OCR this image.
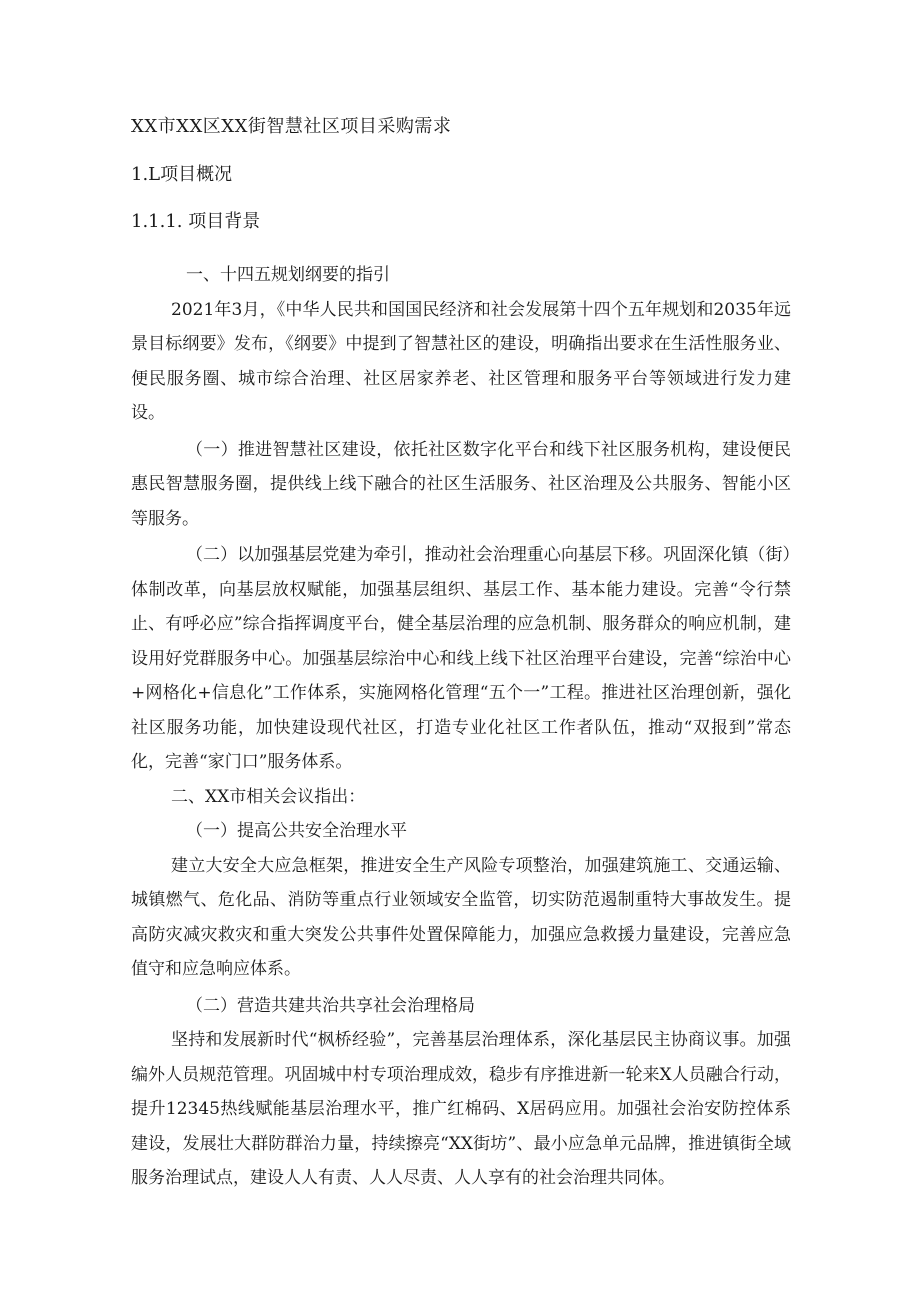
XX市XX区XX街智慧社区项目采购需求
1.L项目概况
1.1.1. 项目背景

一、十四五规划纲要的指引

2021年3月，《中华人民共和国国民经济和社会发展第十四个五年规划和2035年远景目标纲要》发布，《纲要》中提到了智慧社区的建设，明确指出要求在生活性服务业、便民服务圈、城市综合治理、社区居家养老、社区管理和服务平台等领域进行发力建设。

（一）推进智慧社区建设，依托社区数字化平台和线下社区服务机构，建设便民惠民智慧服务圈，提供线上线下融合的社区生活服务、社区治理及公共服务、智能小区等服务。

（二）以加强基层党建为牵引，推动社会治理重心向基层下移。巩固深化镇（街）体制改革，向基层放权赋能，加强基层组织、基层工作、基本能力建设。完善“令行禁止、有呼必应”综合指挥调度平台，健全基层治理的应急机制、服务群众的响应机制，建设用好党群服务中心。加强基层综治中心和线上线下社区治理平台建设，完善“综治中心+网格化+信息化”工作体系，实施网格化管理“五个一”工程。推进社区治理创新，强化社区服务功能，加快建设现代社区，打造专业化社区工作者队伍，推动“双报到”常态化，完善“家门口”服务体系。

二、XX市相关会议指出：

（一）提高公共安全治理水平

建立大安全大应急框架，推进安全生产风险专项整治，加强建筑施工、交通运输、城镇燃气、危化品、消防等重点行业领域安全监管，切实防范遏制重特大事故发生。提高防灾减灾救灾和重大突发公共事件处置保障能力，加强应急救援力量建设，完善应急值守和应急响应体系。

（二）营造共建共治共享社会治理格局

坚持和发展新时代“枫桥经验”，完善基层治理体系，深化基层民主协商议事。加强编外人员规范管理。巩固城中村专项治理成效，稳步有序推进新一轮来X人员融合行动，提升12345热线赋能基层治理水平，推广红棉码、X居码应用。加强社会治安防控体系建设，发展壮大群防群治力量，持续擦亮“XX街坊”、最小应急单元品牌，推进镇街全域服务治理试点，建设人人有责、人人尽责、人人享有的社会治理共同体。
